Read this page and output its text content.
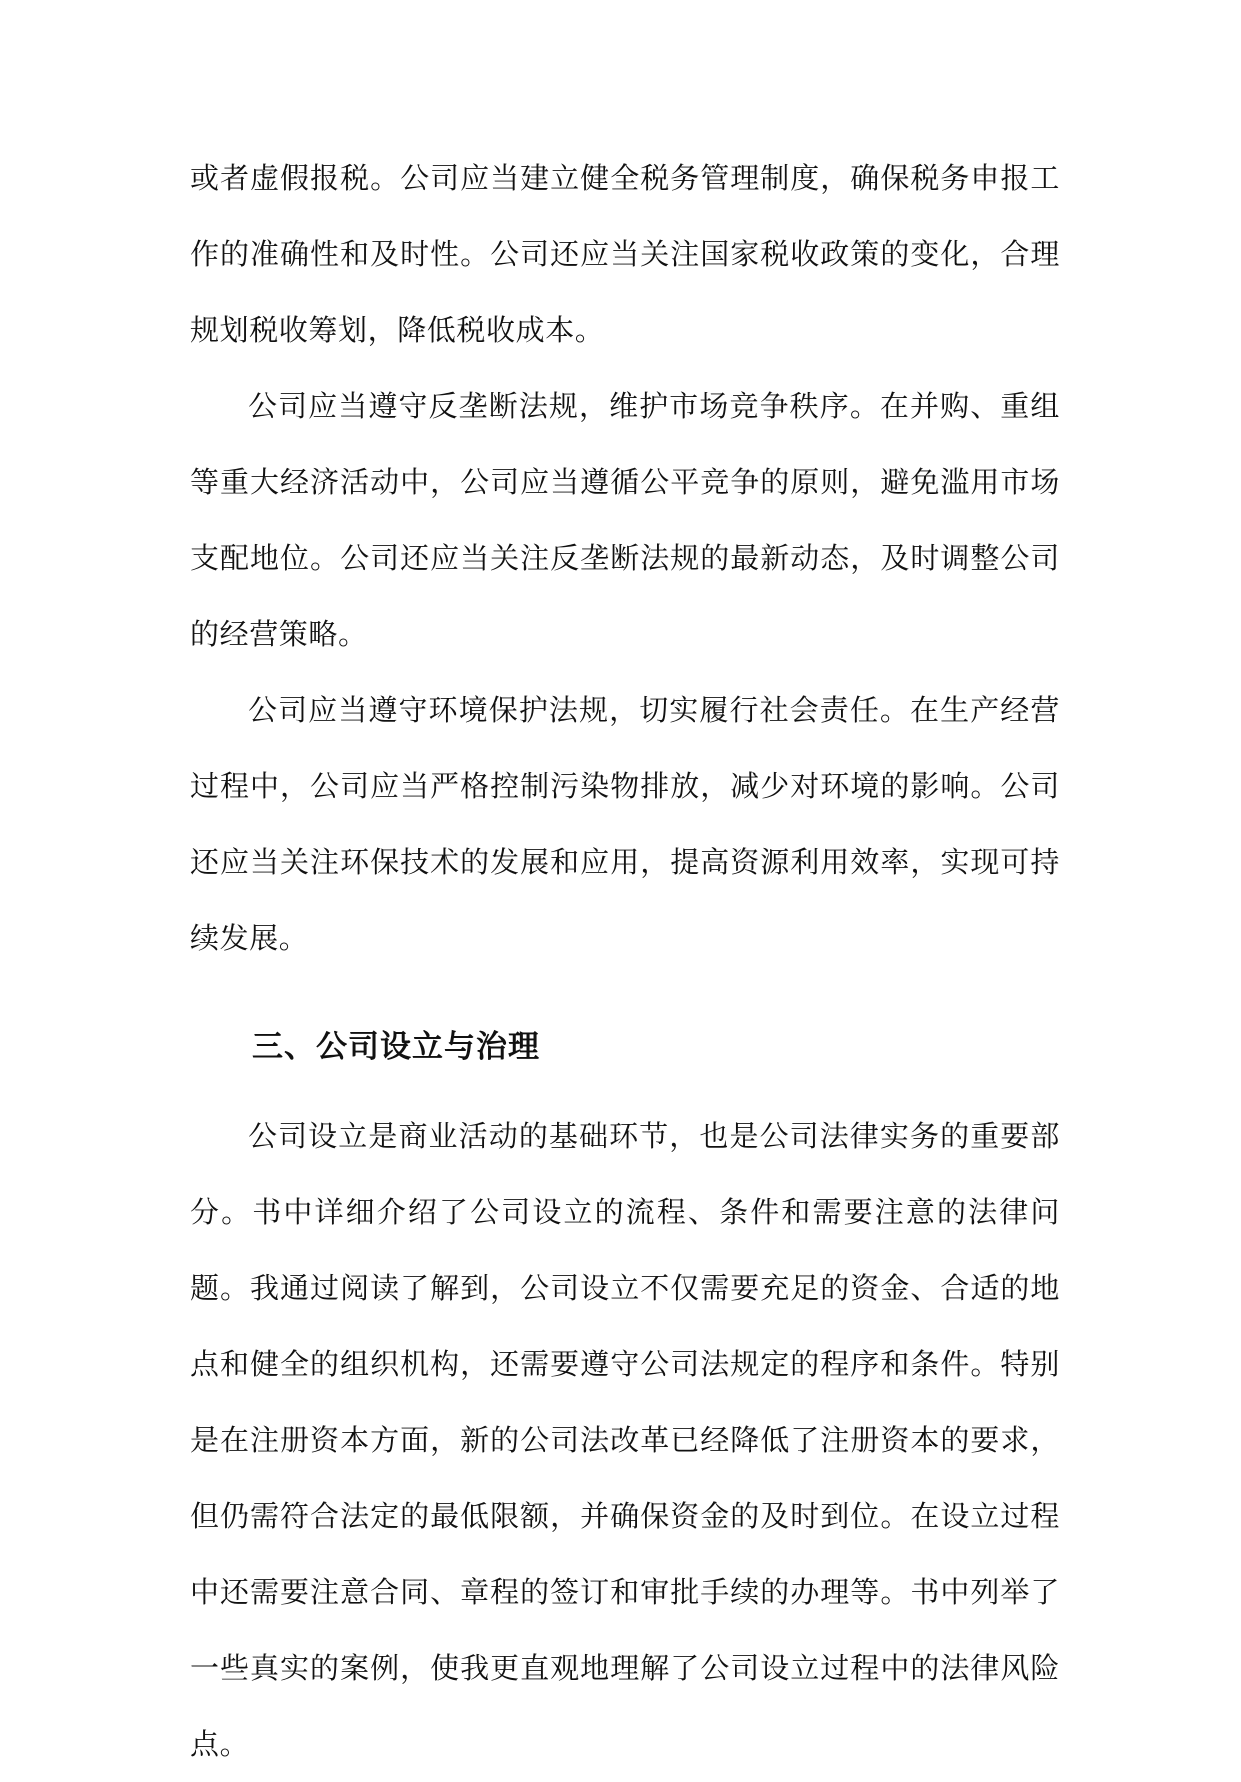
或者虚假报税。公司应当建立健全税务管理制度，确保税务申报工作的准确性和及时性。公司还应当关注国家税收政策的变化，合理规划税收筹划，降低税收成本。

公司应当遵守反垄断法规，维护市场竞争秩序。在并购、重组等重大经济活动中，公司应当遵循公平竞争的原则，避免滥用市场支配地位。公司还应当关注反垄断法规的最新动态，及时调整公司的经营策略。

公司应当遵守环境保护法规，切实履行社会责任。在生产经营过程中，公司应当严格控制污染物排放，减少对环境的影响。公司还应当关注环保技术的发展和应用，提高资源利用效率，实现可持续发展。

三、公司设立与治理

公司设立是商业活动的基础环节，也是公司法律实务的重要部分。书中详细介绍了公司设立的流程、条件和需要注意的法律问题。我通过阅读了解到，公司设立不仅需要充足的资金、合适的地点和健全的组织机构，还需要遵守公司法规定的程序和条件。特别是在注册资本方面，新的公司法改革已经降低了注册资本的要求，但仍需符合法定的最低限额，并确保资金的及时到位。在设立过程中还需要注意合同、章程的签订和审批手续的办理等。书中列举了一些真实的案例，使我更直观地理解了公司设立过程中的法律风险点。
